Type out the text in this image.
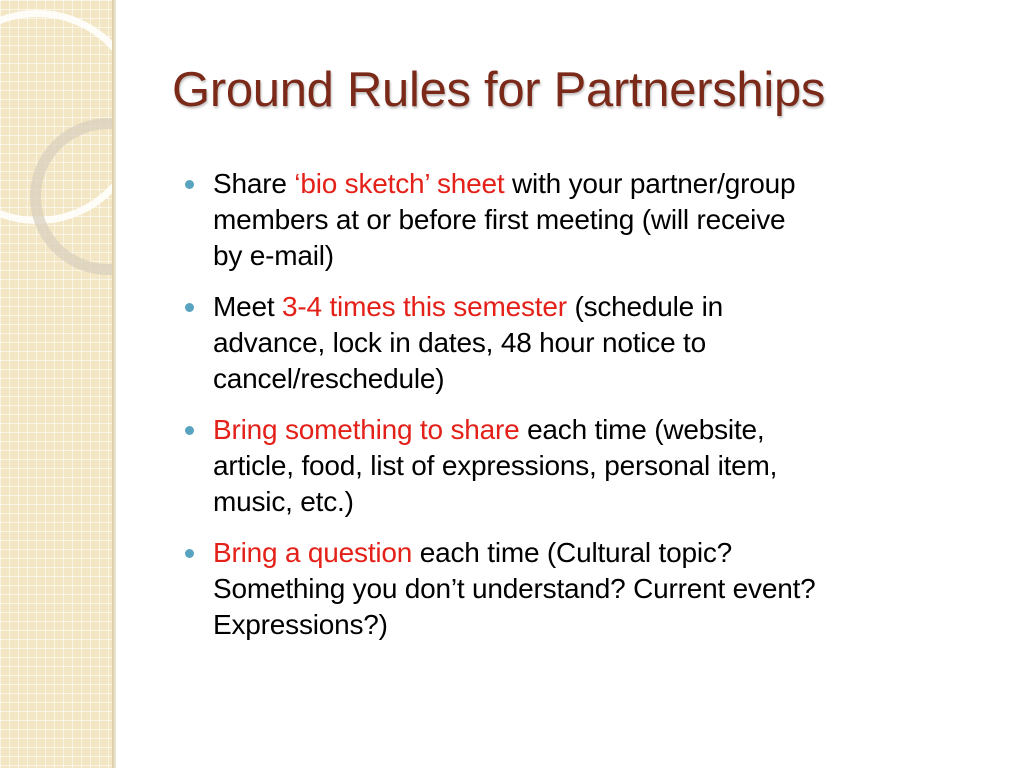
Ground Rules for Partnerships
Share ‘bio sketch’ sheet with your partner/group
members at or before first meeting (will receive
by e-mail)
Meet 3-4 times this semester (schedule in
advance, lock in dates, 48 hour notice to
cancel/reschedule)
Bring something to share each time (website,
article, food, list of expressions, personal item,
music, etc.)
Bring a question each time (Cultural topic?
Something you don’t understand? Current event?
Expressions?)
